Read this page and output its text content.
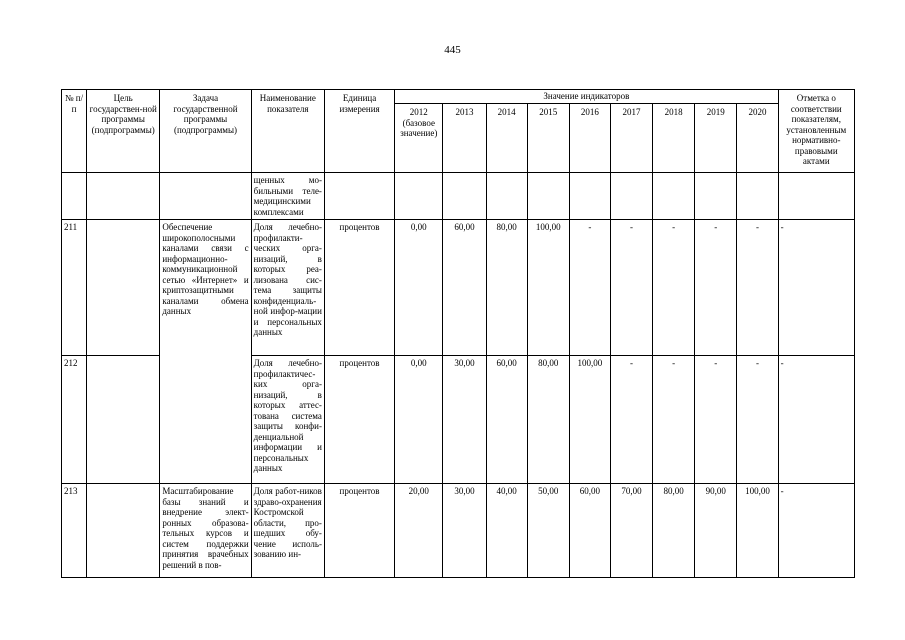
445
№ п/п	Цель государствен-ной программы (подпрограммы)	Задача государственной программы (подпрограммы)	Наименование показателя	Единица измерения	Значение индикаторов									Отметка о соответствии показателям, установленным нормативно-правовыми актами
					2012 (базовое значение)	2013	2014	2015	2016	2017	2018	2019	2020	
			щенных мо-бильными теле-медицинскими комплексами											
211		Обеспечение широкополосными каналами связи с информационно-коммуникационной сетью «Интернет» и криптозащитными каналами обмена данных	Доля лечебно-профилакти-ческих орга-низаций, в которых реа-лизована сис-тема защиты конфиденциаль-ной инфор-мации и персональных данных	процентов	0,00	60,00	80,00	100,00	-	-	-	-	-	-
212			Доля лечебно-профилактичес-ких орга-низаций, в которых аттес-тована система защиты конфи-денциальной информации и персональных данных	процентов	0,00	30,00	60,00	80,00	100,00	-	-	-	-	-
213		Масштабирование базы знаний и внедрение элект-ронных образова-тельных курсов и систем поддержки принятия врачебных решений в пов-	Доля работ-ников здраво-охранения Костромской области, про-шедших обу-чение исполь-зованию ин-	процентов	20,00	30,00	40,00	50,00	60,00	70,00	80,00	90,00	100,00	-
